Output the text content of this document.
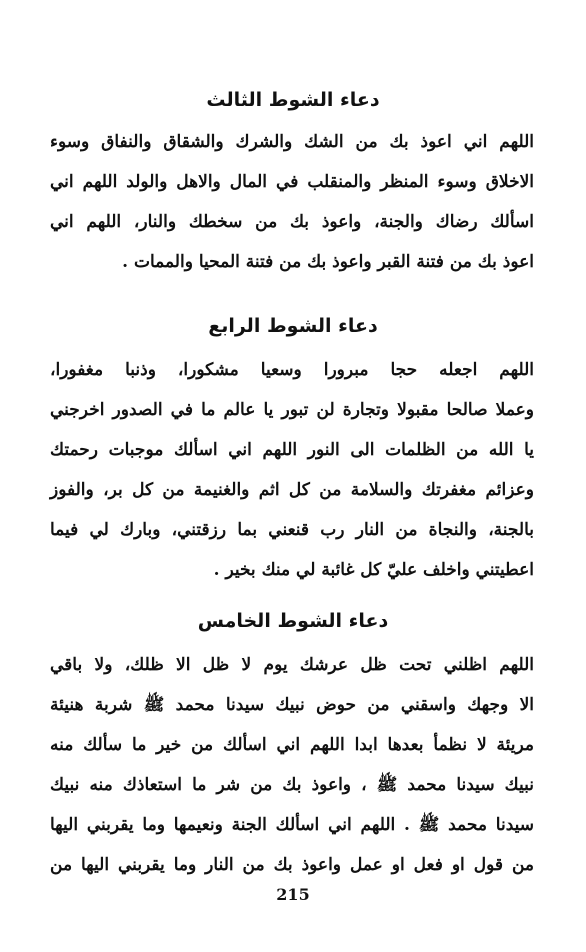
دعاء الشوط الثالث
اللهم اني اعوذ بك من الشك والشرك والشقاق والنفاق وسوء
الاخلاق وسوء المنظر والمنقلب في المال والاهل والولد اللهم اني
اسألك رضاك والجنة، واعوذ بك من سخطك والنار، اللهم اني
اعوذ بك من فتنة القبر واعوذ بك من فتنة المحيا والممات .
دعاء الشوط الرابع
اللهم اجعله حجا مبرورا وسعيا مشكورا، وذنبا مغفورا،
وعملا صالحا مقبولا وتجارة لن تبور يا عالم ما في الصدور اخرجني
يا الله من الظلمات الى النور اللهم اني اسألك موجبات رحمتك
وعزائم مغفرتك والسلامة من كل اثم والغنيمة من كل بر، والفوز
بالجنة، والنجاة من النار رب قنعني بما رزقتني، وبارك لي فيما
اعطيتني واخلف عليّ كل غائبة لي منك بخير .
دعاء الشوط الخامس
اللهم اظلني تحت ظل عرشك يوم لا ظل الا ظلك، ولا باقي
الا وجهك واسقني من حوض نبيك سيدنا محمد ﷺ شربة هنيئة
مريئة لا نظمأ بعدها ابدا اللهم اني اسألك من خير ما سألك منه
نبيك سيدنا محمد ﷺ ، واعوذ بك من شر ما استعاذك منه نبيك
سيدنا محمد ﷺ . اللهم اني اسألك الجنة ونعيمها وما يقربني اليها
من قول او فعل او عمل واعوذ بك من النار وما يقربني اليها من
215
